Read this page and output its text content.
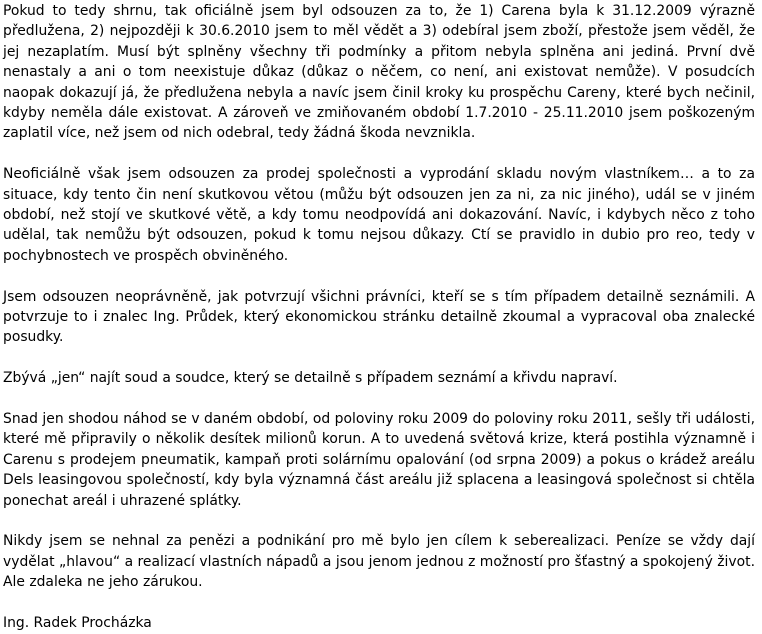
Pokud to tedy shrnu, tak oficiálně jsem byl odsouzen za to, že 1) Carena byla k 31.12.2009 výrazně předlužena, 2) nejpozději k 30.6.2010 jsem to měl vědět a 3) odebíral jsem zboží, přestože jsem věděl, že jej nezaplatím. Musí být splněny všechny tři podmínky a přitom nebyla splněna ani jediná. První dvě nenastaly a ani o tom neexistuje důkaz (důkaz o něčem, co není, ani existovat nemůže). V posudcích naopak dokazují já, že předlužena nebyla a navíc jsem činil kroky ku prospěchu Careny, které bych nečinil, kdyby neměla dále existovat. A zároveň ve zmiňovaném období 1.7.2010 - 25.11.2010 jsem poškozeným zaplatil více, než jsem od nich odebral, tedy žádná škoda nevznikla.

Neoficiálně však jsem odsouzen za prodej společnosti a vyprodání skladu novým vlastníkem… a to za situace, kdy tento čin není skutkovou větou (můžu být odsouzen jen za ni, za nic jiného), udál se v jiném období, než stojí ve skutkové větě, a kdy tomu neodpovídá ani dokazování. Navíc, i kdybych něco z toho udělal, tak nemůžu být odsouzen, pokud k tomu nejsou důkazy. Ctí se pravidlo in dubio pro reo, tedy v pochybnostech ve prospěch obviněného.

Jsem odsouzen neoprávněně, jak potvrzují všichni právníci, kteří se s tím případem detailně seznámili. A potvrzuje to i znalec Ing. Průdek, který ekonomickou stránku detailně zkoumal a vypracoval oba znalecké posudky.

Zbývá „jen“ najít soud a soudce, který se detailně s případem seznámí a křivdu napraví.

Snad jen shodou náhod se v daném období, od poloviny roku 2009 do poloviny roku 2011, sešly tři události, které mě připravily o několik desítek milionů korun. A to uvedená světová krize, která postihla významně i Carenu s prodejem pneumatik, kampaň proti solárnímu opalování (od srpna 2009) a pokus o krádež areálu Dels leasingovou společností, kdy byla významná část areálu již splacena a leasingová společnost si chtěla ponechat areál i uhrazené splátky.

Nikdy jsem se nehnal za penězi a podnikání pro mě bylo jen cílem k seberealizaci. Peníze se vždy dají vydělat „hlavou“ a realizací vlastních nápadů a jsou jenom jednou z možností pro šťastný a spokojený život. Ale zdaleka ne jeho zárukou.

Ing. Radek Procházka
